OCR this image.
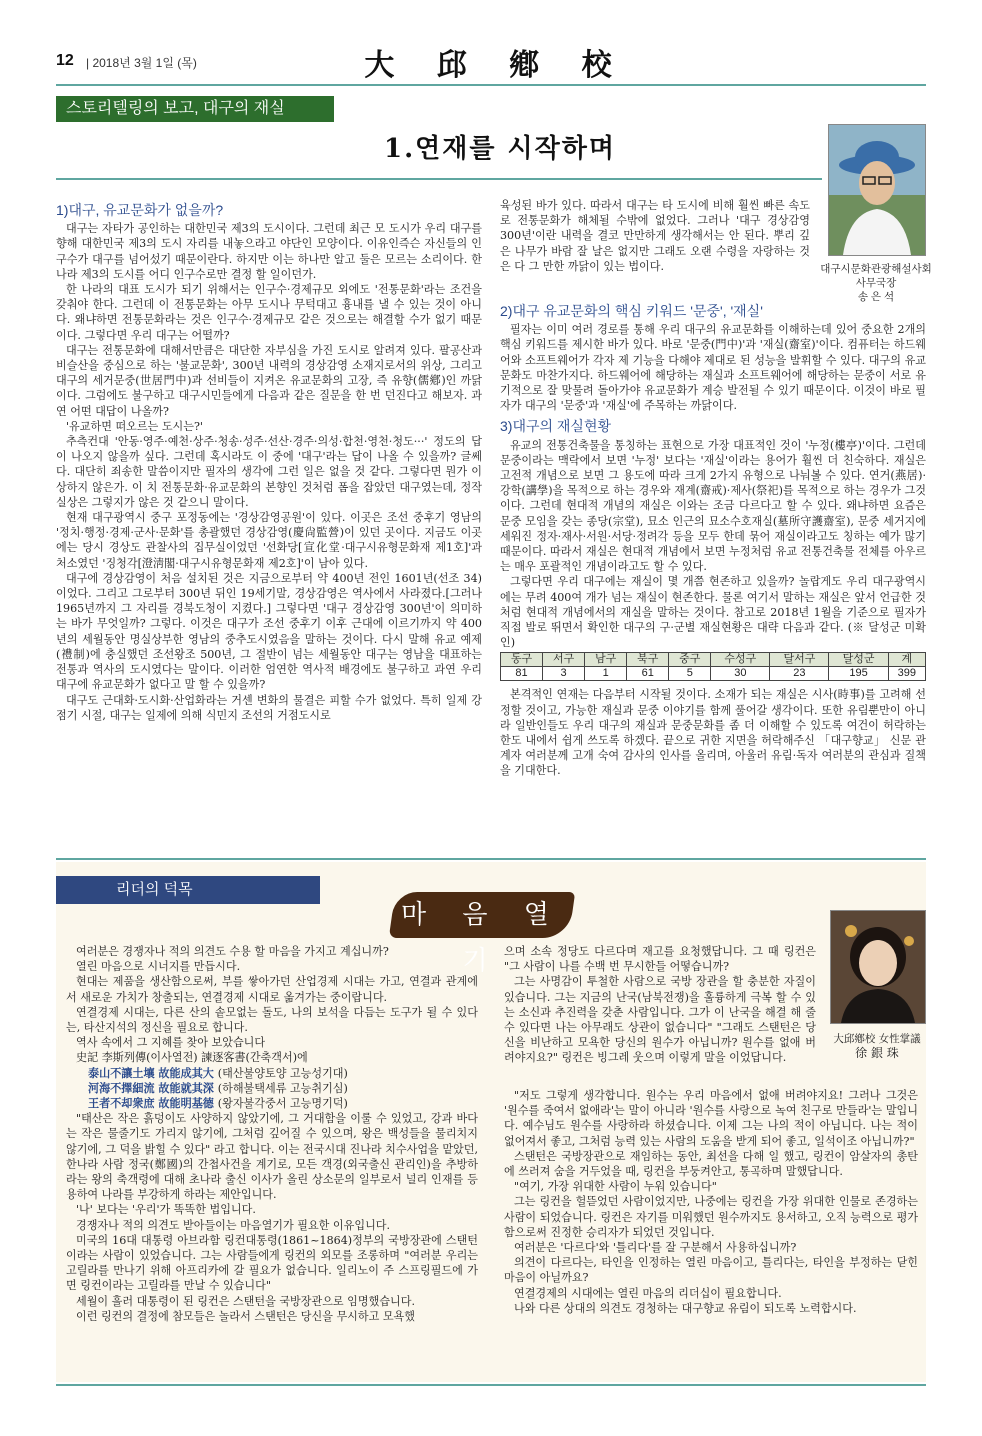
12 | 2018년 3월 1일 (목)	大 邱 鄕 校
스토리텔링의 보고, 대구의 재실
1.연재를 시작하며
대구시문화관광해설사회
사무국장
송 은 석

1)대구, 유교문화가 없을까?

대구는 자타가 공인하는 대한민국 제3의 도시이다. 그런데 최근 모 도시가 우리 대구를 향해 대한민국 제3의 도시 자리를 내놓으라고 야단인 모양이다. 이유인즉슨 자신들의 인구수가 대구를 넘어섰기 때문이란다. 하지만 이는 하나만 알고 둘은 모르는 소리이다. 한 나라 제3의 도시를 어디 인구수로만 결정 할 일이던가.

한 나라의 대표 도시가 되기 위해서는 인구수·경제규모 외에도 '전통문화'라는 조건을 갖춰야 한다. 그런데 이 전통문화는 아무 도시나 무턱대고 흉내를 낼 수 있는 것이 아니다. 왜냐하면 전통문화라는 것은 인구수·경제규모 같은 것으로는 해결할 수가 없기 때문이다. 그렇다면 우리 대구는 어떨까?

대구는 전통문화에 대해서만큼은 대단한 자부심을 가진 도시로 알려져 있다. 팔공산과 비슬산을 중심으로 하는 '불교문화', 300년 내력의 경상감영 소재지로서의 위상, 그리고 대구의 세거문중(世居門中)과 선비들이 지켜온 유교문화의 고장, 즉 유향(儒鄕)인 까닭이다. 그럼에도 불구하고 대구시민들에게 다음과 같은 질문을 한 번 던진다고 해보자. 과연 어떤 대답이 나올까?

'유교하면 떠오르는 도시는?'

추측컨대 '안동·영주·예천·상주·청송·성주·선산·경주·의성·합천·영천·청도···' 정도의 답이 나오지 않을까 싶다. 그런데 혹시라도 이 중에 '대구'라는 답이 나올 수 있을까? 글쎄다. 대단히 죄송한 말씀이지만 필자의 생각에 그런 일은 없을 것 같다. 그렇다면 뭔가 이상하지 않은가. 이 치 전통문화·유교문화의 본향인 것처럼 폼을 잡았던 대구였는데, 정작 실상은 그렇지가 않은 것 같으니 말이다.

현재 대구광역시 중구 포정동에는 '경상감영공원'이 있다. 이곳은 조선 중후기 영남의 '정치·행정·경제·군사·문화'를 총괄했던 경상감영(慶尙監營)이 있던 곳이다. 지금도 이곳에는 당시 경상도 관찰사의 집무실이었던 '선화당[宣化堂·대구시유형문화재 제1호]'과 처소였던 '징청각[澄淸閣·대구시유형문화재 제2호]'이 남아 있다.

대구에 경상감영이 처음 설치된 것은 지금으로부터 약 400년 전인 1601년(선조 34)이었다. 그리고 그로부터 300년 뒤인 19세기말, 경상감영은 역사에서 사라졌다.[그러나 1965년까지 그 자리를 경북도청이 지켰다.] 그렇다면 '대구 경상감영 300년'이 의미하는 바가 무엇일까? 그렇다. 이것은 대구가 조선 중후기 이후 근대에 이르기까지 약 400년의 세월동안 명실상부한 영남의 중추도시였음을 말하는 것이다. 다시 말해 유교 예제(禮制)에 충실했던 조선왕조 500년, 그 절반이 넘는 세월동안 대구는 영남을 대표하는 전통과 역사의 도시였다는 말이다. 이러한 엄연한 역사적 배경에도 불구하고 과연 우리 대구에 유교문화가 없다고 말 할 수 있을까?

대구도 근대화·도시화·산업화라는 거센 변화의 물결은 피할 수가 없었다. 특히 일제 강점기 시절, 대구는 일제에 의해 식민지 조선의 거점도시로

육성된 바가 있다. 따라서 대구는 타 도시에 비해 훨씬 빠른 속도로 전통문화가 해체될 수밖에 없었다. 그러나 '대구 경상감영 300년'이란 내력을 결코 만만하게 생각해서는 안 된다. 뿌리 깊은 나무가 바람 잘 날은 없지만 그래도 오랜 수령을 자랑하는 것은 다 그 만한 까닭이 있는 법이다.

2)대구 유교문화의 핵심 키워드 '문중', '재실'

필자는 이미 여러 경로를 통해 우리 대구의 유교문화를 이해하는데 있어 중요한 2개의 핵심 키워드를 제시한 바가 있다. 바로 '문중(門中)'과 '재실(齋室)'이다. 컴퓨터는 하드웨어와 소프트웨어가 각자 제 기능을 다해야 제대로 된 성능을 발휘할 수 있다. 대구의 유교문화도 마찬가지다. 하드웨어에 해당하는 재실과 소프트웨어에 해당하는 문중이 서로 유기적으로 잘 맞물려 돌아가야 유교문화가 계승 발전될 수 있기 때문이다. 이것이 바로 필자가 대구의 '문중'과 '재실'에 주목하는 까닭이다.

3)대구의 재실현황

유교의 전통건축물을 통칭하는 표현으로 가장 대표적인 것이 '누정(樓亭)'이다. 그런데 문중이라는 맥락에서 보면 '누정' 보다는 '재실'이라는 용어가 훨씬 더 친숙하다. 재실은 고전적 개념으로 보면 그 용도에 따라 크게 2가지 유형으로 나눠볼 수 있다. 연거(燕居)·강학(講學)을 목적으로 하는 경우와 재계(齋戒)·제사(祭祀)를 목적으로 하는 경우가 그것이다. 그런데 현대적 개념의 재실은 이와는 조금 다르다고 할 수 있다. 왜냐하면 요즘은 문중 모임을 갖는 종당(宗堂), 묘소 인근의 묘소수호재실(墓所守護齋室), 문중 세거지에 세워진 정자·재사·서원·서당·정려각 등을 모두 한데 묶어 재실이라고도 칭하는 예가 많기 때문이다. 따라서 재실은 현대적 개념에서 보면 누정처럼 유교 전통건축물 전체를 아우르는 매우 포괄적인 개념이라고도 할 수 있다.

그렇다면 우리 대구에는 재실이 몇 개쯤 현존하고 있을까? 놀랍게도 우리 대구광역시에는 무려 400여 개가 넘는 재실이 현존한다. 물론 여기서 말하는 재실은 앞서 언급한 것처럼 현대적 개념에서의 재실을 말하는 것이다. 참고로 2018년 1월을 기준으로 필자가 직접 발로 뛰면서 확인한 대구의 구·군별 재실현황은 대략 다음과 같다. (※ 달성군 미확인)

동구	서구	남구	북구	중구	수성구	달서구	달성군	계
81	3	1	61	5	30	23	195	399

본격적인 연재는 다음부터 시작될 것이다. 소재가 되는 재실은 시사(時事)를 고려해 선정할 것이고, 가능한 재실과 문중 이야기를 함께 풀어갈 생각이다. 또한 유림뿐만이 아니라 일반인들도 우리 대구의 재실과 문중문화를 좀 더 이해할 수 있도록 여건이 허락하는 한도 내에서 쉽게 쓰도록 하겠다. 끝으로 귀한 지면을 허락해주신 「대구향교」 신문 관계자 여러분께 고개 숙여 감사의 인사를 올리며, 아울러 유림·독자 여러분의 관심과 질책을 기대한다.

리더의 덕목
마 음 열 기
大邱鄕校 女性掌議
徐 銀 珠

여러분은 경쟁자나 적의 의견도 수용 할 마음을 가지고 계십니까?

열린 마음으로 시너지를 만듭시다.

현대는 제품을 생산함으로써, 부를 쌓아가던 산업경제 시대는 가고, 연결과 관계에서 새로운 가치가 창출되는, 연결경제 시대로 옮겨가는 중이랍니다.

연결경제 시대는, 다른 산의 솥모없는 돌도, 나의 보석을 다듬는 도구가 될 수 있다는, 타산지석의 정신을 필요로 합니다.

역사 속에서 그 지혜를 찾아 보았습니다

史記 李斯列傳(이사열전) 諫逐客書(간축객서)에

泰山不讓土壤 故能成其大 (태산불양토양 고능성기대)

河海不擇細流 故能就其深 (하해불택세류 고능취기심)

王者不却衆庶 故能明基德 (왕자불각중서 고능명기덕)

"태산은 작은 흙덩이도 사양하지 않았기에, 그 거대함을 이룰 수 있었고, 강과 바다는 작은 물줄기도 가리지 않기에, 그처럼 깊어질 수 있으며, 왕은 백성들을 물리치지 않기에, 그 덕을 밝힐 수 있다" 라고 합니다. 이는 전국시대 진나라 치수사업을 맡았던, 한나라 사람 정국(鄭國)의 간첩사건을 계기로, 모든 객경(외국출신 관리인)을 추방하라는 왕의 축객령에 대해 초나라 출신 이사가 올린 상소문의 일부로서 널리 인재를 등용하여 나라를 부강하게 하라는 제안입니다.

'나' 보다는 '우리'가 똑똑한 법입니다.

경쟁자나 적의 의견도 받아들이는 마음열기가 필요한 이유입니다.

미국의 16대 대통령 아브라함 링컨대통령(1861~1864)정부의 국방장관에 스탠턴이라는 사람이 있었습니다. 그는 사람들에게 링컨의 외모를 조롱하며 "여러분 우리는 고릴라를 만나기 위해 아프리카에 갈 필요가 없습니다. 일리노이 주 스프링필드에 가면 링컨이라는 고릴라를 만날 수 있습니다"

세월이 흘러 대통령이 된 링컨은 스탠턴을 국방장관으로 임명했습니다.

이런 링컨의 결정에 참모들은 놀라서 스탠턴은 당신을 무시하고 모욕했

으며 소속 정당도 다르다며 재고를 요청했답니다. 그 때 링컨은 "그 사람이 나를 수백 번 무시한들 어떻습니까?

그는 사명감이 투철한 사람으로 국방 장관을 할 충분한 자질이 있습니다. 그는 지금의 난국(남북전쟁)을 훌륭하게 극복 할 수 있는 소신과 추진력을 갖춘 사람입니다. 그가 이 난국을 해결 해 줄 수 있다면 나는 아무래도 상관이 없습니다" "그래도 스탠턴은 당신을 비난하고 모욕한 당신의 원수가 아닙니까? 원수를 없애 버려야지요?" 링컨은 빙그레 웃으며 이렇게 말을 이었답니다.

"저도 그렇게 생각합니다. 원수는 우리 마음에서 없애 버려야지요! 그러나 그것은 '원수를 죽여서 없애라'는 말이 아니라 '원수를 사랑으로 녹여 친구로 만들라'는 말입니다. 예수님도 원수를 사랑하라 하셨습니다. 이제 그는 나의 적이 아닙니다. 나는 적이 없어져서 좋고, 그처럼 능력 있는 사람의 도움을 받게 되어 좋고, 일석이조 아닙니까?"

스탠턴은 국방장관으로 재임하는 동안, 최선을 다해 일 했고, 링컨이 암살자의 총탄에 쓰러져 숨을 거두었을 때, 링컨을 부둥켜안고, 통곡하며 말했답니다.

"여기, 가장 위대한 사람이 누워 있습니다"

그는 링컨을 헐뜯었던 사람이었지만, 나중에는 링컨을 가장 위대한 인물로 존경하는 사람이 되었습니다. 링컨은 자기를 미워했던 원수까지도 용서하고, 오직 능력으로 평가함으로써 진정한 승리자가 되었던 것입니다.

여러분은 '다르다'와 '틀리다'를 잘 구분해서 사용하십니까?

의견이 다르다는, 타인을 인정하는 열린 마음이고, 틀리다는, 타인을 부정하는 닫힌 마음이 아닐까요?

연결경제의 시대에는 열린 마음의 리더십이 필요합니다.

나와 다른 상대의 의견도 경청하는 대구향교 유림이 되도록 노력합시다.
